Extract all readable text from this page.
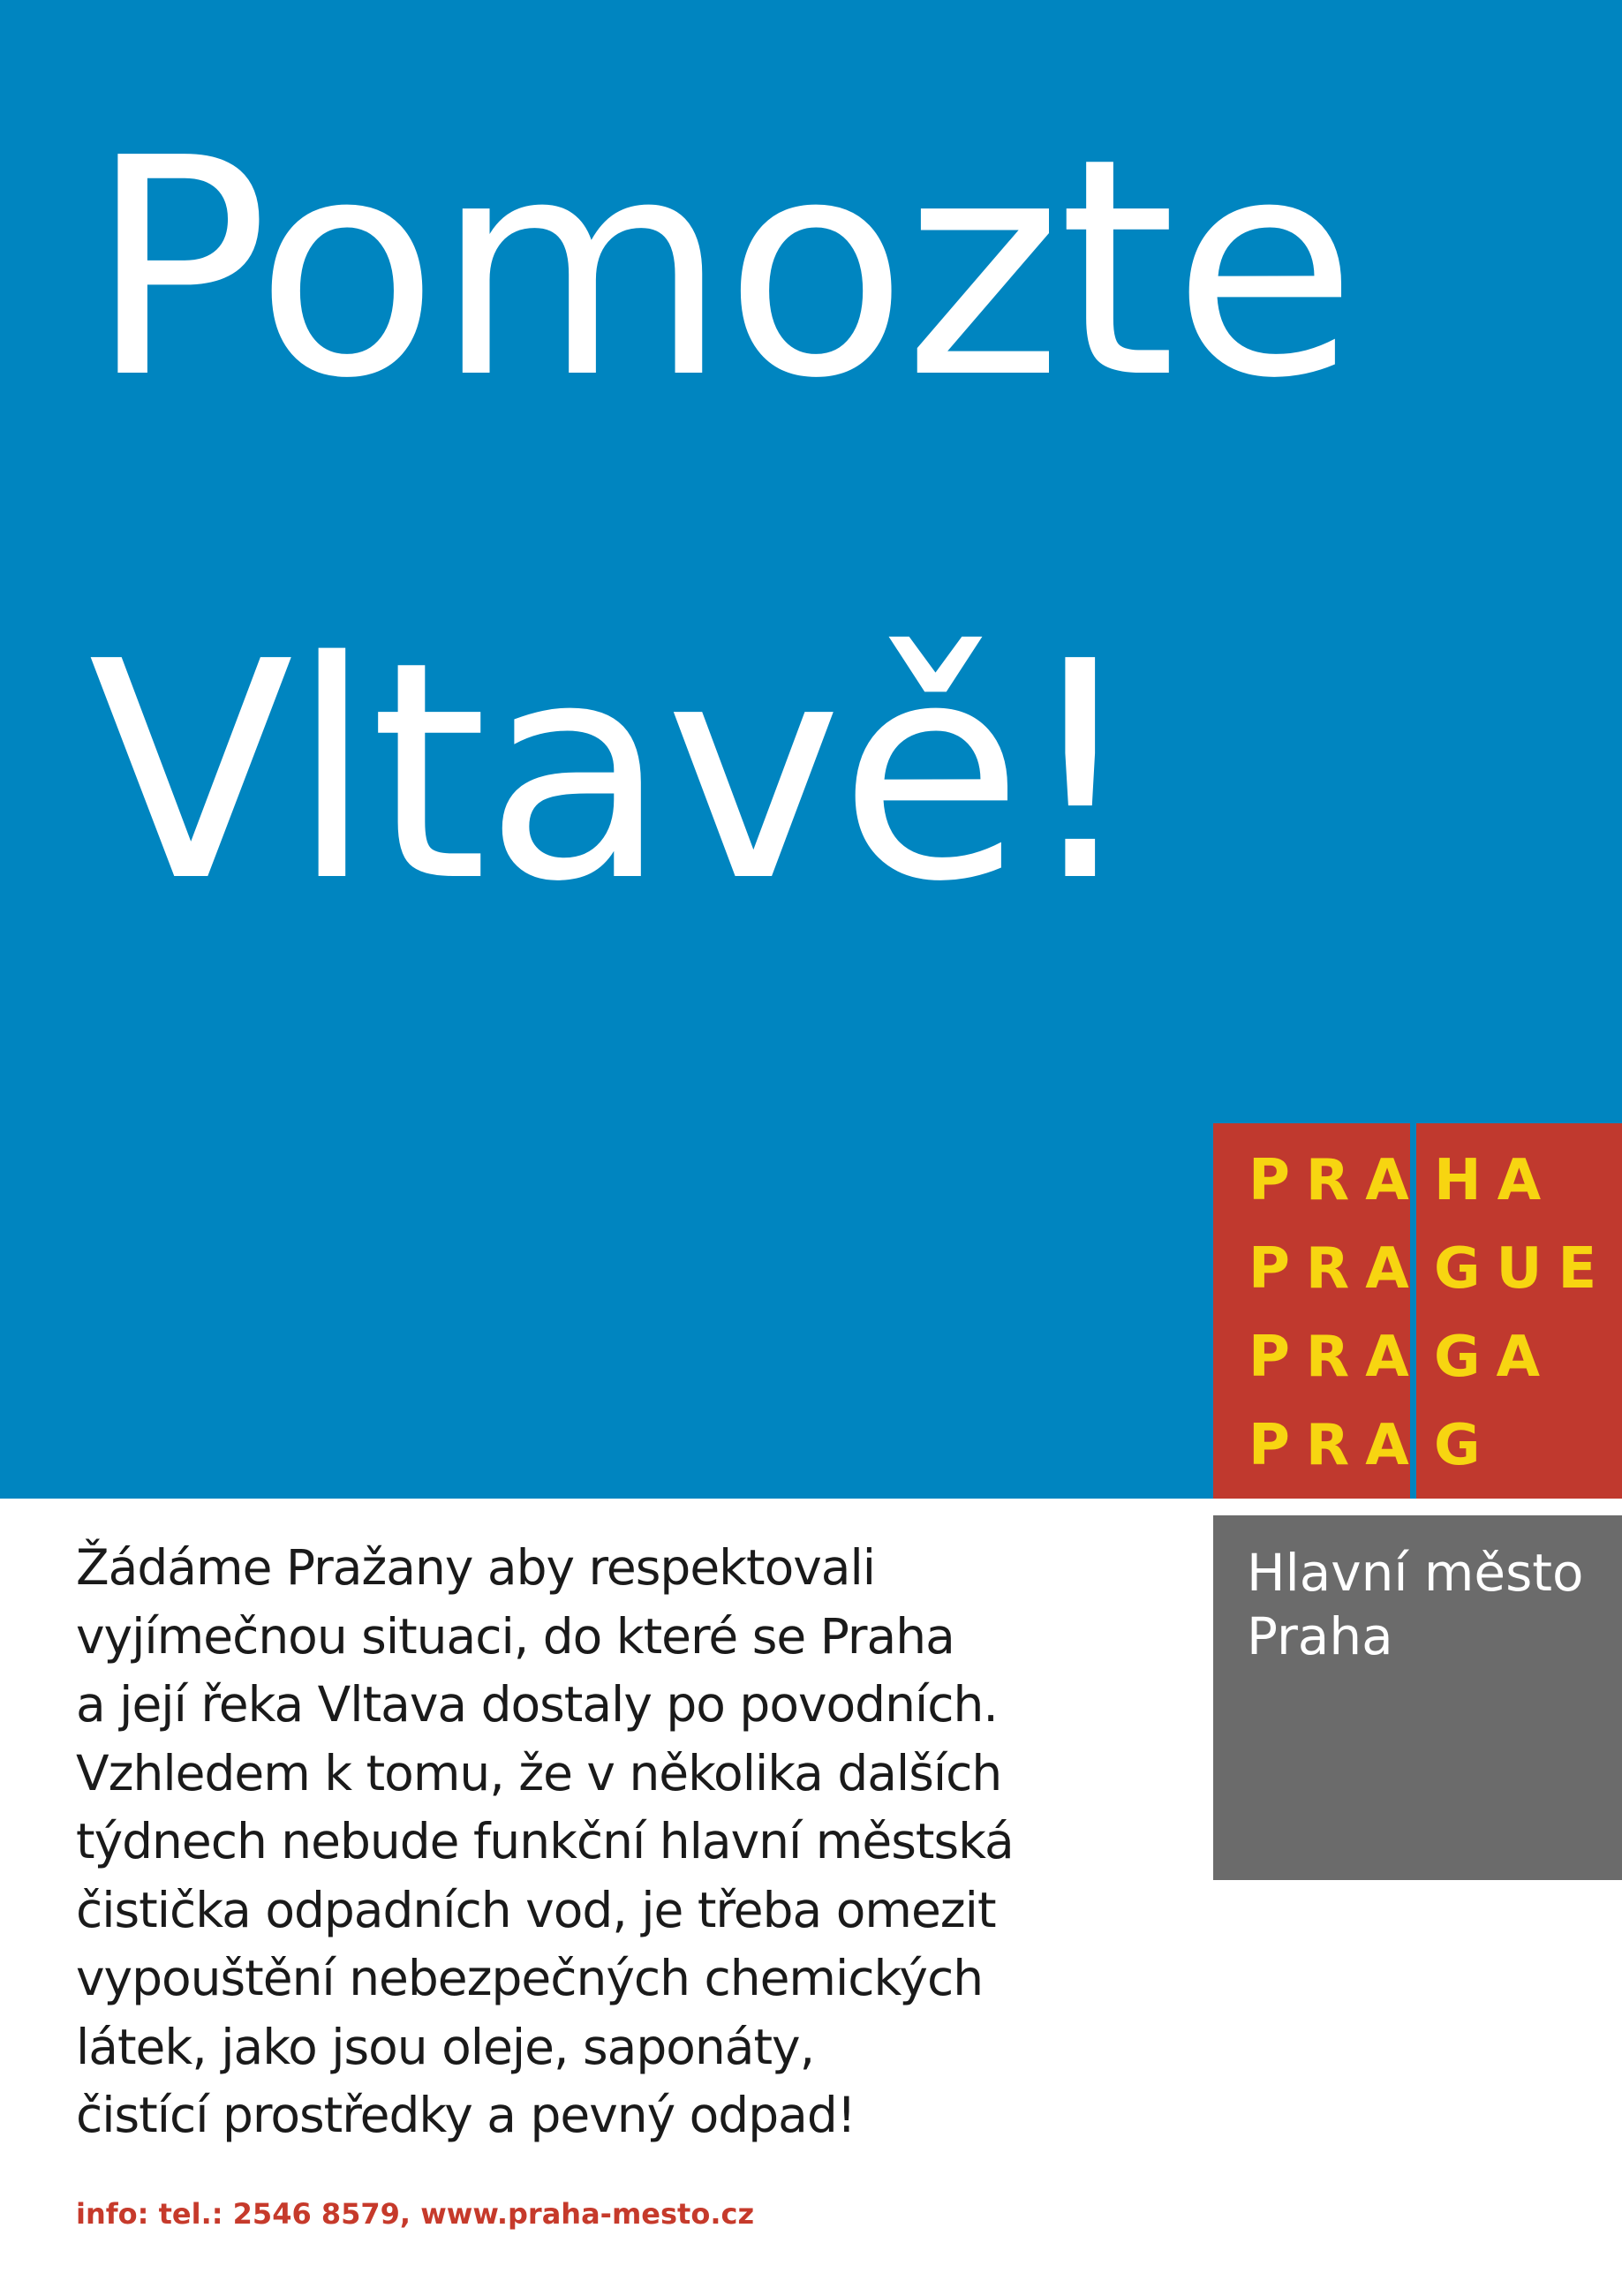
Pomozte
Vltavě!
PRA HA
PRA GUE
PRA GA
PRA G
Hlavní město Praha
Žádáme Pražany aby respektovali
vyjímečnou situaci, do které se Praha
a její řeka Vltava dostaly po povodních.
Vzhledem k tomu, že v několika dalších
týdnech nebude funkční hlavní městská
čistička odpadních vod, je třeba omezit
vypouštění nebezpečných chemických
látek, jako jsou oleje, saponáty,
čistící prostředky a pevný odpad!
info: tel.: 2546 8579, www.praha-mesto.cz
